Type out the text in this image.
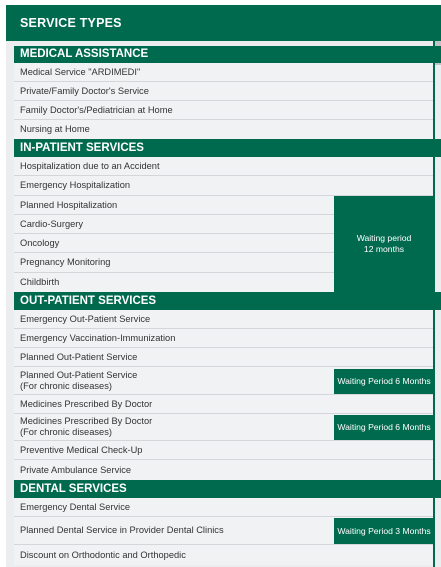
SERVICE TYPES
MEDICAL ASSISTANCE
Medical Service "ARDIMEDI"
Private/Family Doctor's Service
Family Doctor's/Pediatrician at Home
Nursing at Home
IN-PATIENT SERVICES
Hospitalization due to an Accident
Emergency Hospitalization
Planned Hospitalization
Cardio-Surgery
Oncology
Pregnancy Monitoring
Childbirth
Waiting period
12 months
OUT-PATIENT SERVICES
Emergency Out-Patient Service
Emergency Vaccination-Immunization
Planned Out-Patient Service
Planned Out-Patient Service
(For chronic diseases)
Medicines Prescribed By Doctor
Medicines Prescribed By Doctor
(For chronic diseases)
Preventive Medical Check-Up
Private Ambulance Service
Waiting Period 6 Months
Waiting Period 6 Months
DENTAL SERVICES
Emergency Dental Service
Planned Dental Service in Provider Dental Clinics
Discount on Orthodontic and Orthopedic
Waiting Period 3 Months
